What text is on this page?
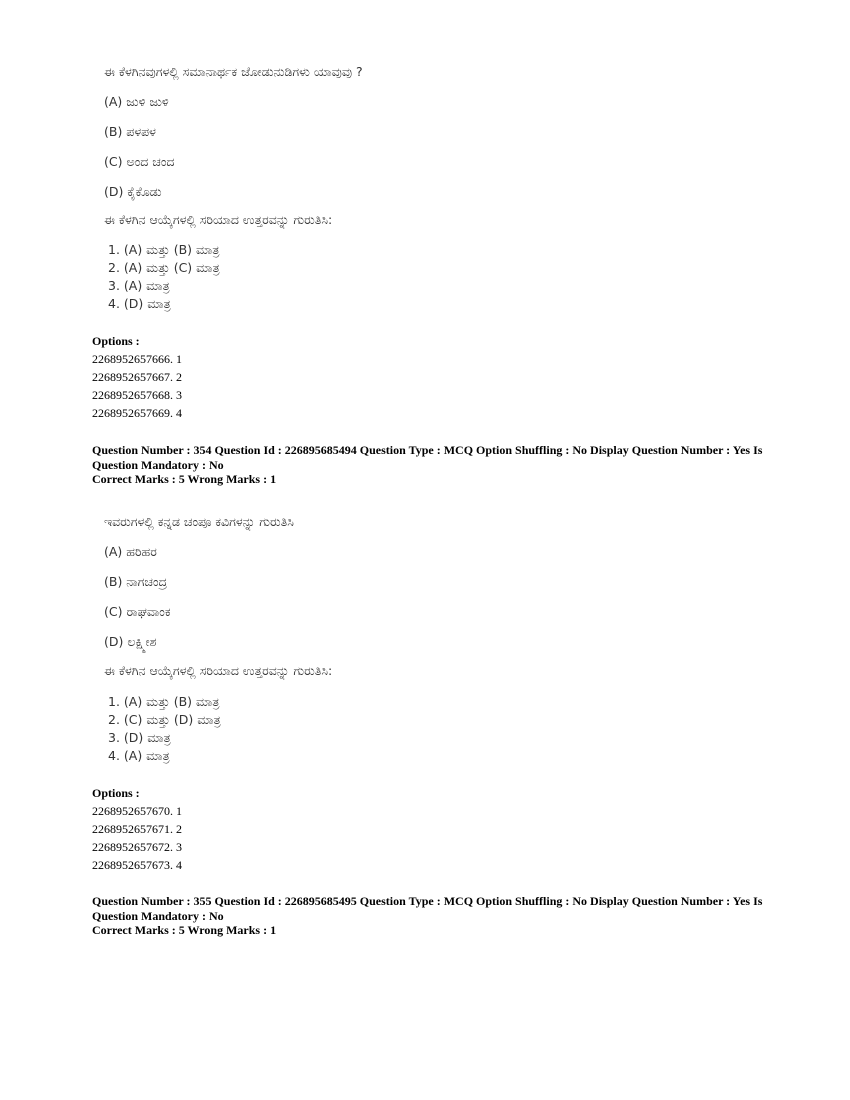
ಈ ಕೆಳಗಿನವುಗಳಲ್ಲಿ ಸಮಾನಾರ್ಥಕ ಜೋಡುನುಡಿಗಳು ಯಾವುವು ?
(A) ಜುಳಿ ಜುಳಿ
(B) ಪಳಪಳ
(C) ಅಂದ ಚಂದ
(D) ಕೈಕೊಡು
ಈ ಕೆಳಗಿನ ಆಯ್ಕೆಗಳಲ್ಲಿ ಸರಿಯಾದ ಉತ್ತರವನ್ನು ಗುರುತಿಸಿ:
1. (A) ಮತ್ತು (B) ಮಾತ್ರ
2. (A) ಮತ್ತು (C) ಮಾತ್ರ
3. (A) ಮಾತ್ರ
4. (D) ಮಾತ್ರ
Options :
2268952657666. 1
2268952657667. 2
2268952657668. 3
2268952657669. 4
Question Number : 354 Question Id : 226895685494 Question Type : MCQ Option Shuffling : No Display Question Number : Yes Is Question Mandatory : No
Correct Marks : 5 Wrong Marks : 1
ಇವರುಗಳಲ್ಲಿ ಕನ್ನಡ ಚಂಪೂ ಕವಿಗಳನ್ನು ಗುರುತಿಸಿ
(A) ಹರಿಹರ
(B) ನಾಗಚಂದ್ರ
(C) ರಾಘವಾಂಕ
(D) ಲಕ್ಷ್ಮೀಶ
ಈ ಕೆಳಗಿನ ಆಯ್ಕೆಗಳಲ್ಲಿ ಸರಿಯಾದ ಉತ್ತರವನ್ನು ಗುರುತಿಸಿ:
1. (A) ಮತ್ತು (B) ಮಾತ್ರ
2. (C) ಮತ್ತು (D) ಮಾತ್ರ
3. (D) ಮಾತ್ರ
4. (A) ಮಾತ್ರ
Options :
2268952657670. 1
2268952657671. 2
2268952657672. 3
2268952657673. 4
Question Number : 355 Question Id : 226895685495 Question Type : MCQ Option Shuffling : No Display Question Number : Yes Is Question Mandatory : No
Correct Marks : 5 Wrong Marks : 1
